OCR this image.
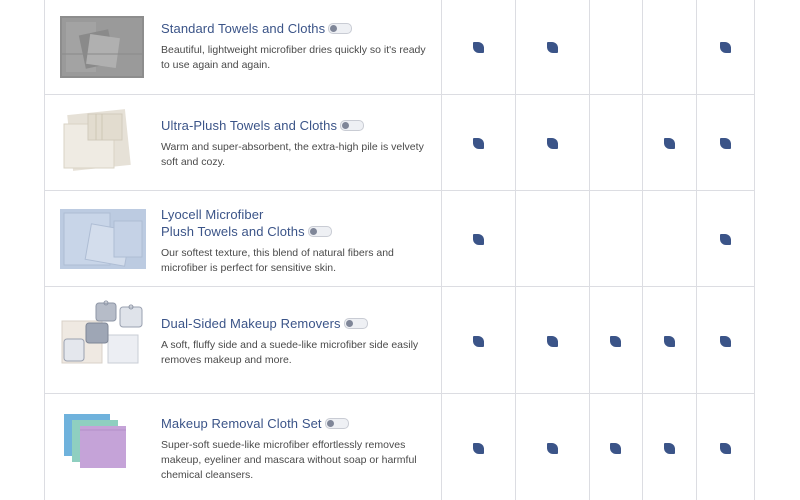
Standard Towels and Cloths

Beautiful, lightweight microfiber dries quickly so it's ready to use again and again.

Ultra-Plush Towels and Cloths

Warm and super-absorbent, the extra-high pile is velvety soft and cozy.

Lyocell Microfiber
Plush Towels and Cloths

Our softest texture, this blend of natural fibers and microfiber is perfect for sensitive skin.

Dual-Sided Makeup Removers

A soft, fluffy side and a suede-like microfiber side easily removes makeup and more.

Makeup Removal Cloth Set

Super-soft suede-like microfiber effortlessly removes makeup, eyeliner and mascara without soap or harmful chemical cleansers.
